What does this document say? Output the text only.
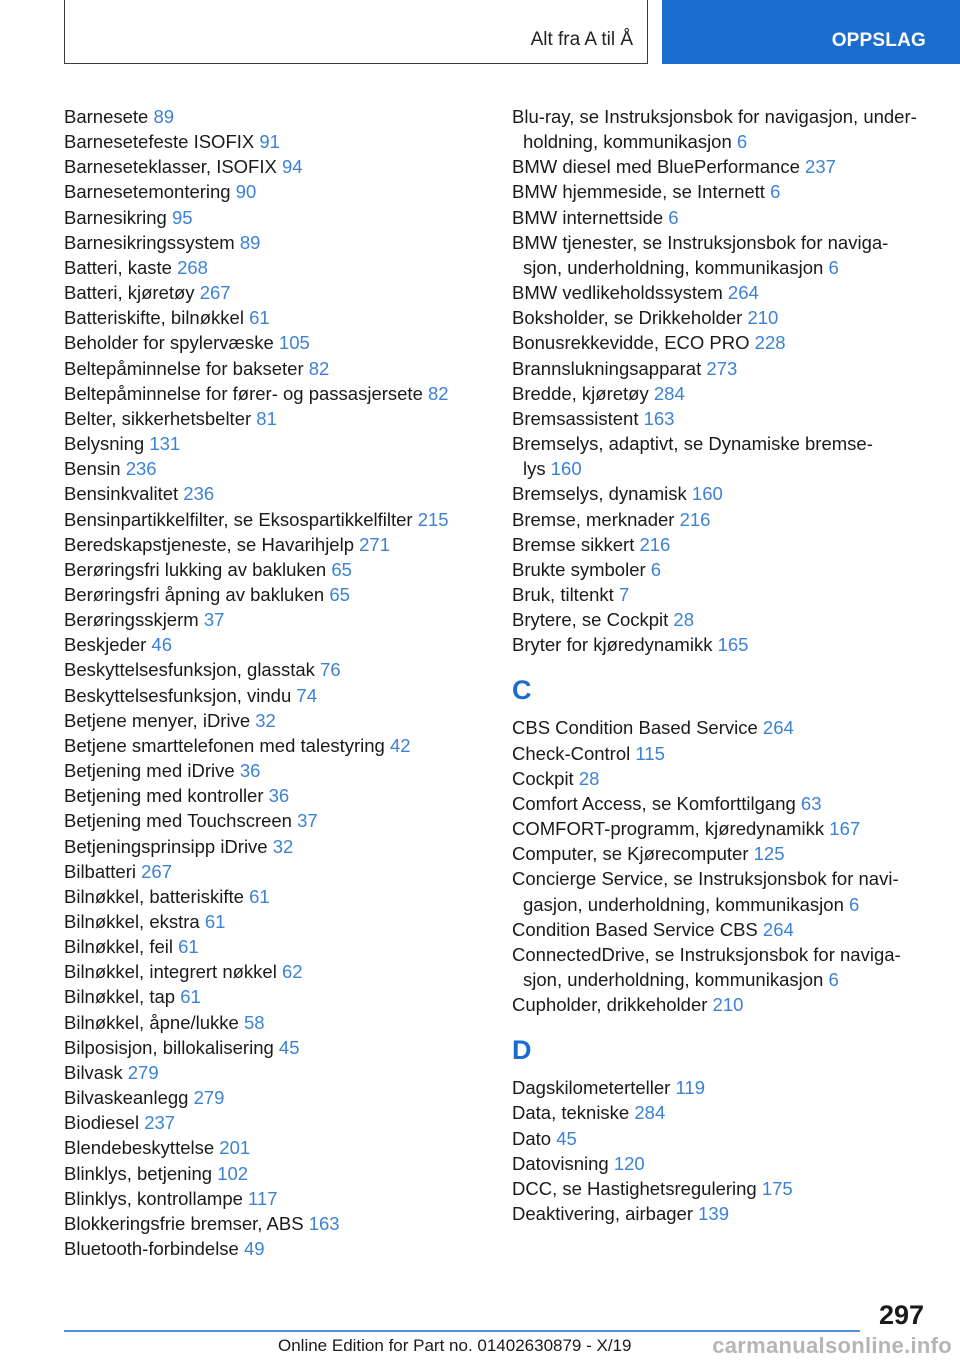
Alt fra A til Å	OPPSLAG
Barnesete 89
Barnesetefeste ISOFIX 91
Barneseteklasser, ISOFIX 94
Barnesetemontering 90
Barnesikring 95
Barnesikringssystem 89
Batteri, kaste 268
Batteri, kjøretøy 267
Batteriskifte, bilnøkkel 61
Beholder for spylervæske 105
Beltepåminnelse for bakseter 82
Beltepåminnelse for fører- og passasjersete 82
Belter, sikkerhetsbelter 81
Belysning 131
Bensin 236
Bensinkvalitet 236
Bensinpartikkelfilter, se Eksospartikkelfilter 215
Beredskapstjeneste, se Havarihjelp 271
Berøringsfri lukking av bakluken 65
Berøringsfri åpning av bakluken 65
Berøringsskjerm 37
Beskjeder 46
Beskyttelsesfunksjon, glasstak 76
Beskyttelsesfunksjon, vindu 74
Betjene menyer, iDrive 32
Betjene smarttelefonen med talestyring 42
Betjening med iDrive 36
Betjening med kontroller 36
Betjening med Touchscreen 37
Betjeningsprinsipp iDrive 32
Bilbatteri 267
Bilnøkkel, batteriskifte 61
Bilnøkkel, ekstra 61
Bilnøkkel, feil 61
Bilnøkkel, integrert nøkkel 62
Bilnøkkel, tap 61
Bilnøkkel, åpne/lukke 58
Bilposisjon, billokalisering 45
Bilvask 279
Bilvaskeanlegg 279
Biodiesel 237
Blendebeskyttelse 201
Blinklys, betjening 102
Blinklys, kontrollampe 117
Blokkeringsfrie bremser, ABS 163
Bluetooth-forbindelse 49
Blu-ray, se Instruksjonsbok for navigasjon, under-
holdning, kommunikasjon 6
BMW diesel med BluePerformance 237
BMW hjemmeside, se Internett 6
BMW internettside 6
BMW tjenester, se Instruksjonsbok for naviga-
sjon, underholdning, kommunikasjon 6
BMW vedlikeholdssystem 264
Boksholder, se Drikkeholder 210
Bonusrekkevidde, ECO PRO 228
Brannslukningsapparat 273
Bredde, kjøretøy 284
Bremsassistent 163
Bremselys, adaptivt, se Dynamiske bremse-
lys 160
Bremselys, dynamisk 160
Bremse, merknader 216
Bremse sikkert 216
Brukte symboler 6
Bruk, tiltenkt 7
Brytere, se Cockpit 28
Bryter for kjøredynamikk 165
C
CBS Condition Based Service 264
Check-Control 115
Cockpit 28
Comfort Access, se Komforttilgang 63
COMFORT-programm, kjøredynamikk 167
Computer, se Kjørecomputer 125
Concierge Service, se Instruksjonsbok for navi-
gasjon, underholdning, kommunikasjon 6
Condition Based Service CBS 264
ConnectedDrive, se Instruksjonsbok for naviga-
sjon, underholdning, kommunikasjon 6
Cupholder, drikkeholder 210
D
Dagskilometerteller 119
Data, tekniske 284
Dato 45
Datovisning 120
DCC, se Hastighetsregulering 175
Deaktivering, airbager 139
297
Online Edition for Part no. 01402630879 - X/19	carmanualsonline.info
